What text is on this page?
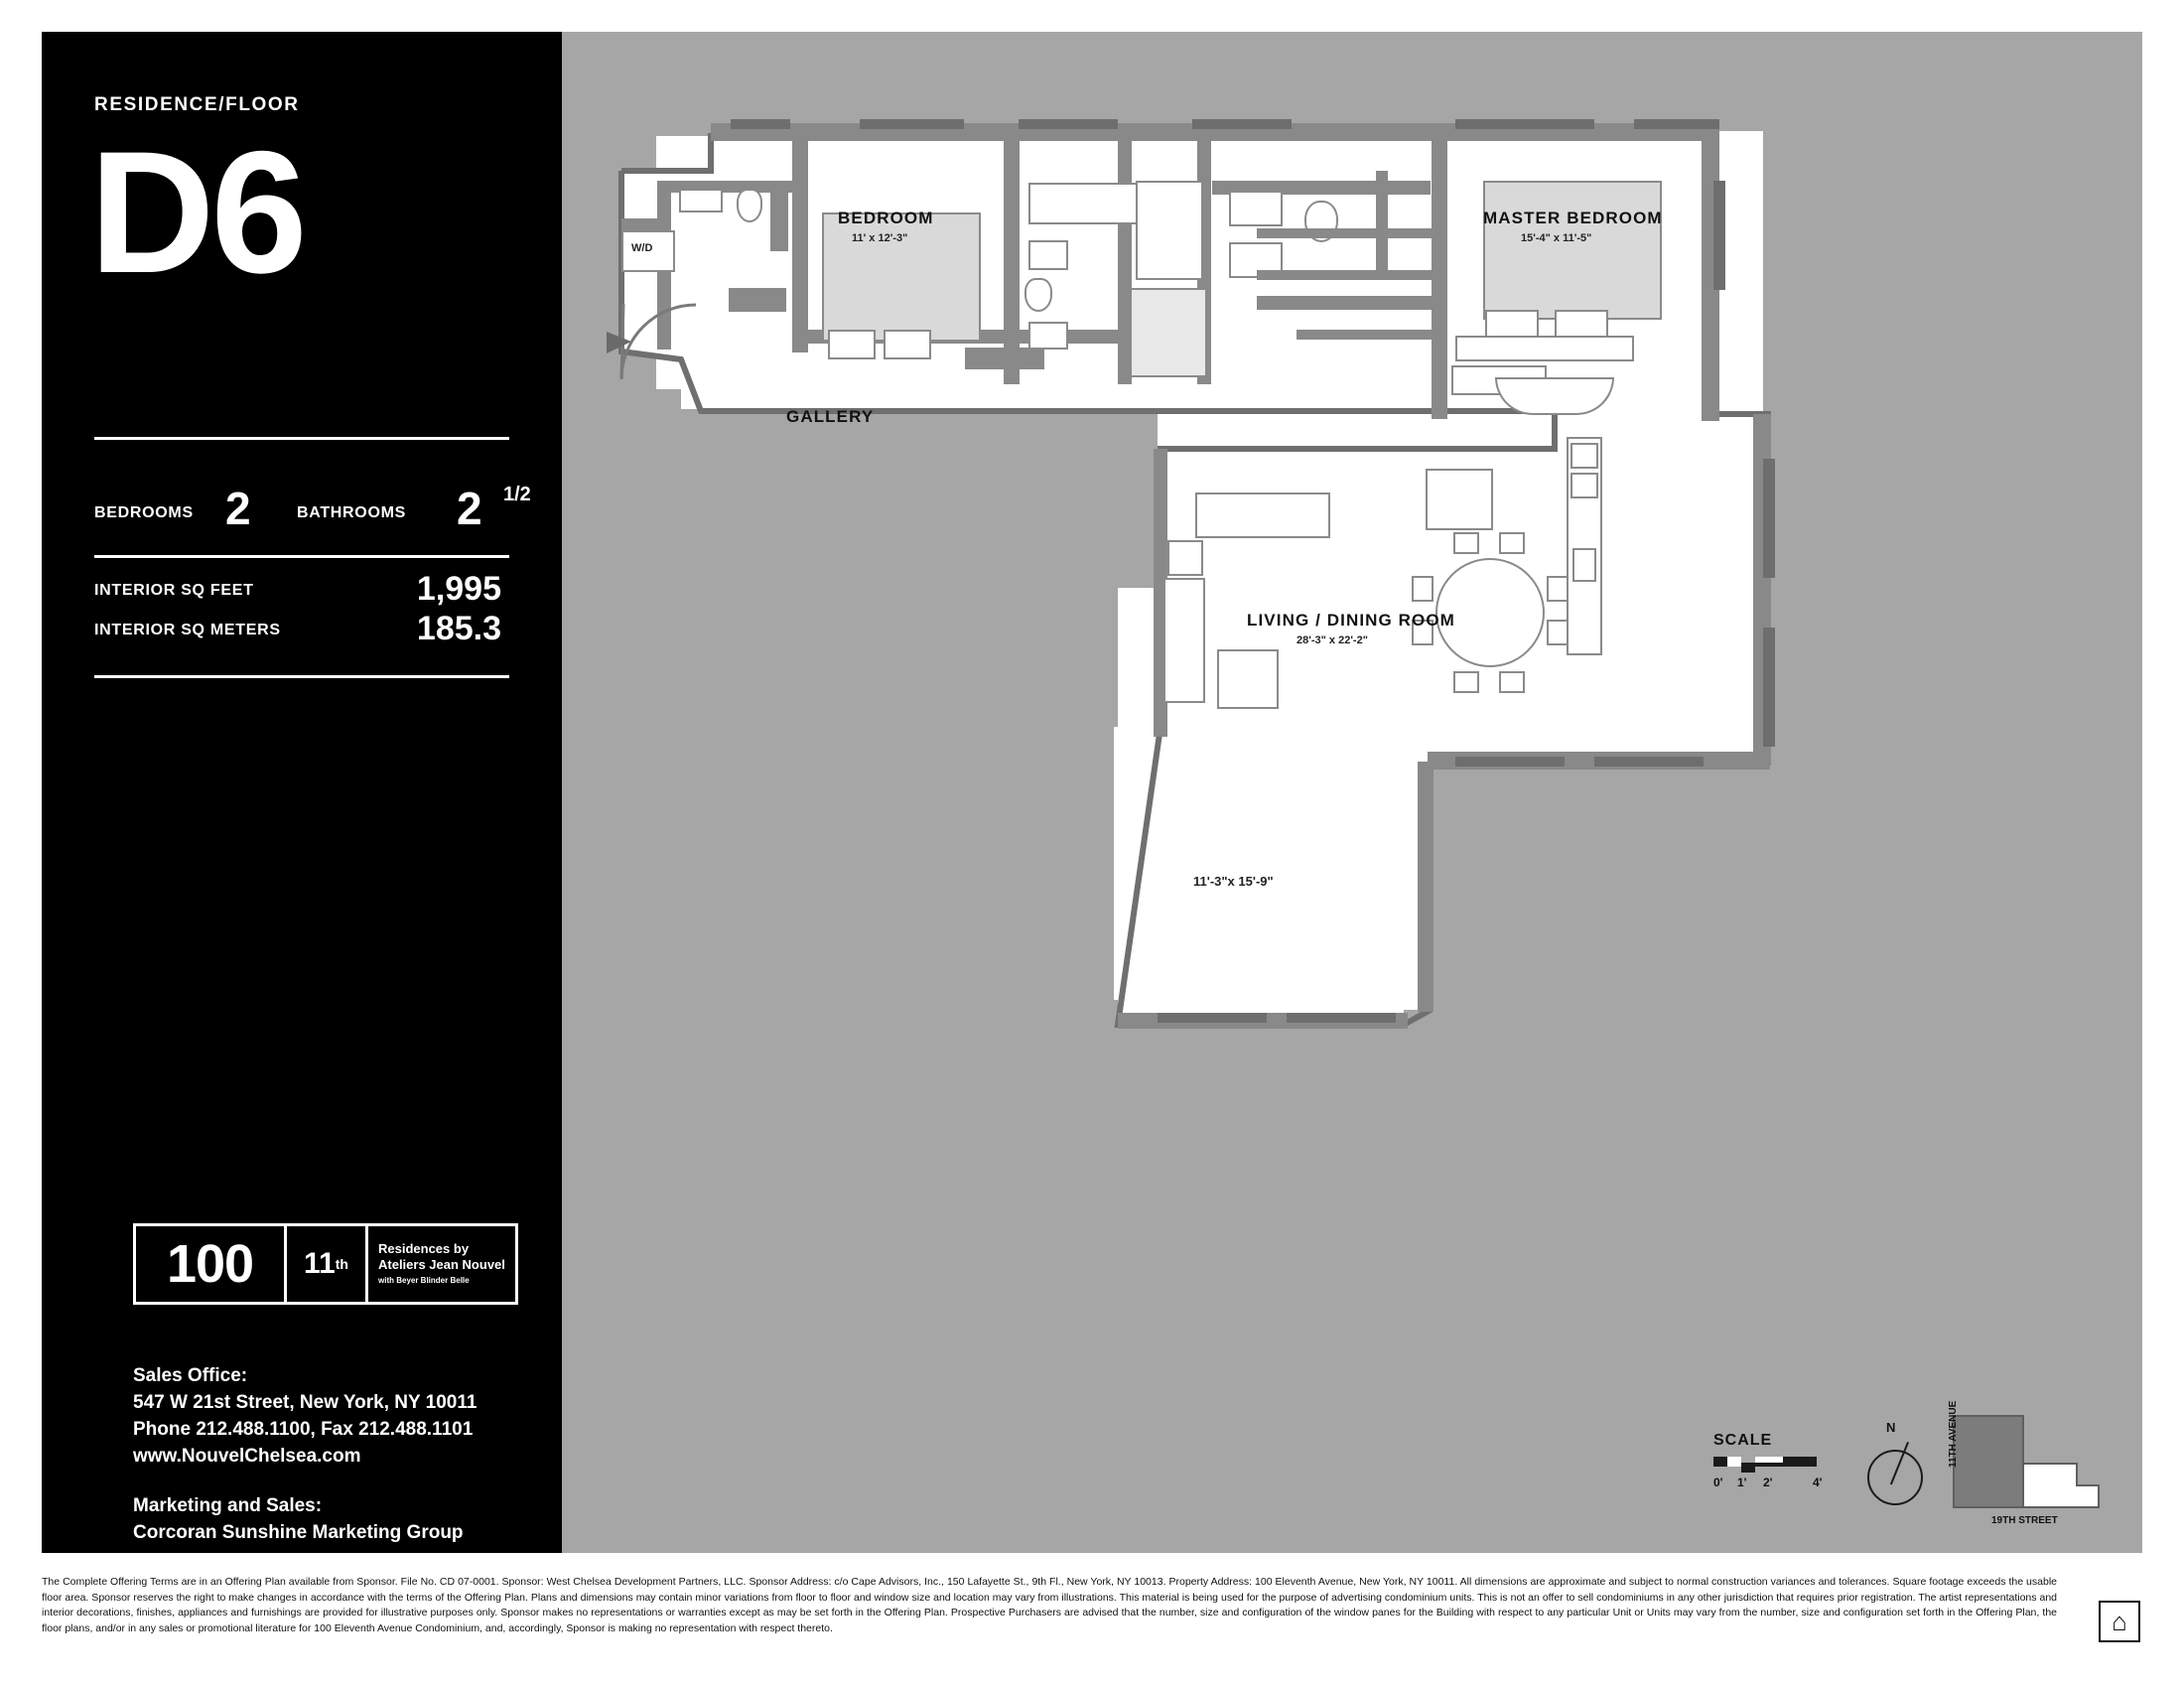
RESIDENCE/FLOOR
D6
BEDROOMS 2	BATHROOMS 2 1/2
INTERIOR SQ FEET	1,995
INTERIOR SQ METERS	185.3
100	11 th
Residences by
Ateliers Jean Nouvel
with Beyer Blinder Belle
Sales Office:
547 W 21st Street, New York, NY 10011
Phone 212.488.1100, Fax 212.488.1101
www.NouvelChelsea.com
Marketing and Sales:
Corcoran Sunshine Marketing Group
W/D
BEDROOM
11' x 12'-3"
MASTER BEDROOM
15'-4" x 11'-5"
GALLERY
LIVING / DINING ROOM
28'-3" x 22'-2"
11'-3"x 15'-9"
SCALE
0' 1' 2'	4'
N	11TH AVENUE
19TH STREET
The Complete Offering Terms are in an Offering Plan available from Sponsor. File No. CD 07-0001. Sponsor: West Chelsea Development Partners, LLC. Sponsor Address: c/o Cape Advisors, Inc., 150 Lafayette St., 9th Fl., New York, NY 10013. Property Address: 100 Eleventh Avenue, New York, NY 10011. All dimensions are approximate and subject to normal construction variances and tolerances. Square footage exceeds the usable floor area. Sponsor reserves the right to make changes in accordance with the terms of the Offering Plan. Plans and dimensions may contain minor variations from floor to floor and window size and location may vary from illustrations. This material is being used for the purpose of advertising condominium units. This is not an offer to sell condominiums in any other jurisdiction that requires prior registration. The artist representations and interior decorations, finishes, appliances and furnishings are provided for illustrative purposes only. Sponsor makes no representations or warranties except as may be set forth in the Offering Plan. Prospective Purchasers are advised that the number, size and configuration of the window panes for the Building with respect to any particular Unit or Units may vary from the number, size and configuration set forth in the Offering Plan, the floor plans, and/or in any sales or promotional literature for 100 Eleventh Avenue Condominium, and, accordingly, Sponsor is making no representation with respect thereto.	⌂
